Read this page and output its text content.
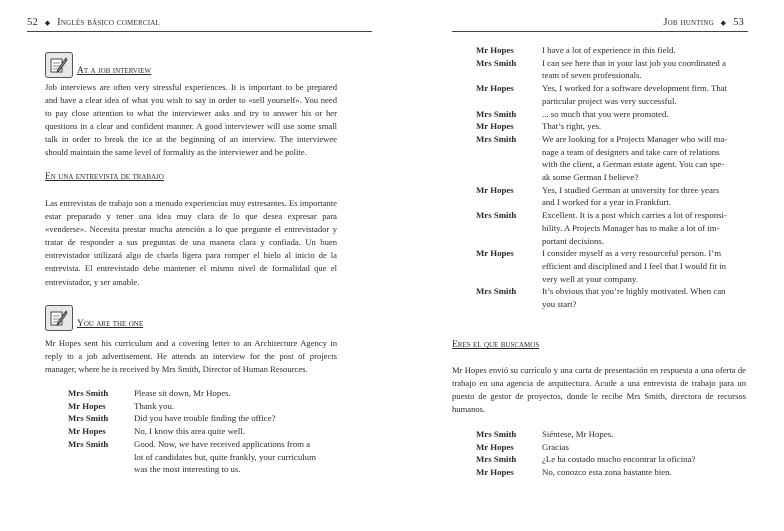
52 ◆ Inglés básico comercial
At a job interview

Job interviews are often very stressful experiences. It is important to be prepared and have a clear idea of what you wish to say in order to «sell yourself». You need to pay close attention to what the interviewer asks and try to answer his or her questions in a clear and confident manner. A good interviewer will use some small talk in order to break the ice at the beginning of an interview. The interviewee should maintain the same level of formality as the interviewer and be polite.

En una entrevista de trabajo

Las entrevistas de trabajo son a menudo experiencias muy estresantes. Es importante estar preparado y tener una idea muy clara de lo que desea expresar para «venderse». Necesita prestar mucha atención a lo que pregunte el entrevistador y tratar de responder a sus preguntas de una manera clara y confiada. Un buen entrevistador utilizará algo de charla ligera para romper el hielo al inicio de la entrevista. El entrevistado debe mantener el mismo nivel de formalidad que el entrevistador, y ser amable.

You are the one

Mr Hopes sent his curriculum and a covering letter to an Architecture Agency in reply to a job advertisement. He attends an interview for the post of projects manager, where he is received by Mrs Smith, Director of Human Resources.

Mrs Smith	Please sit down, Mr Hopes.
Mr Hopes	Thank you.
Mrs Smith	Did you have trouble finding the office?
Mr Hopes	No, I know this area quite well.
Mrs Smith	Good. Now, we have received applications from a
lot of candidates but, quite frankly, your curriculum
was the most interesting to us.
Job hunting ◆ 53
Mr Hopes	I have a lot of experience in this field.
Mrs Smith	I can see here that in your last job you coordinated a
team of seven professionals.
Mr Hopes	Yes, I worked for a software development firm. That
particular project was very successful.
Mrs Smith	... so much that you were promoted.
Mr Hopes	That’s right, yes.
Mrs Smith	We are looking for a Projects Manager who will ma-
nage a team of designers and take care of relations
with the client, a German estate agent. You can spe-
ak some German I believe?
Mr Hopes	Yes, I studied German at university for three years
and I worked for a year in Frankfurt.
Mrs Smith	Excellent. It is a post which carries a lot of responsi-
bility. A Projects Manager has to make a lot of im-
portant decisions.
Mr Hopes	I consider myself as a very resourceful person. I’m
efficient and disciplined and I feel that I would fit in
very well at your company.
Mrs Smith	It’s obvious that you’re highly motivated. When can
you start?
Eres el que buscamos

Mr Hopes envió su currículo y una carta de presentación en respuesta a una oferta de trabajo en una agencia de arquitectura. Acude a una entrevista de trabajo para un puesto de gestor de proyectos, donde le recibe Mrs Smith, directora de recursos humanos.

Mrs Smith	Siéntese, Mr Hopes.
Mr Hopes	Gracias
Mrs Smith	¿Le ha costado mucho encontrar la oficina?
Mr Hopes	No, conozco esta zona bastante bien.
